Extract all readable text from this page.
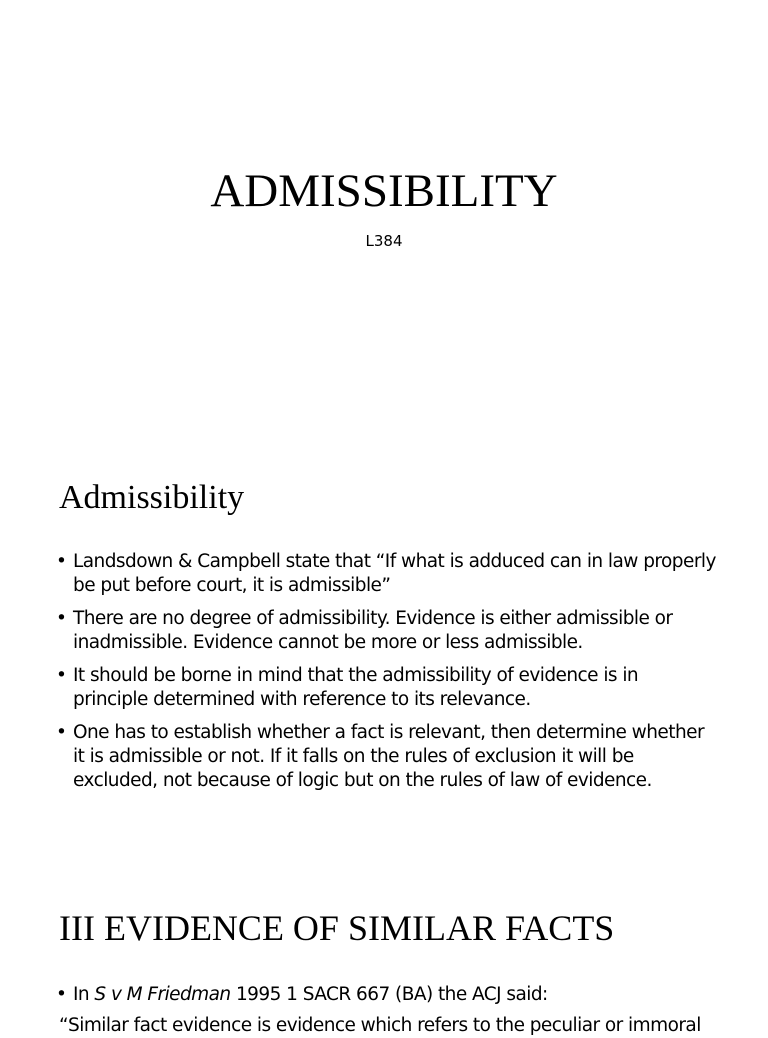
ADMISSIBILITY
L384
Admissibility
• Landsdown & Campbell state that “If what is adduced can in law properly be put before court, it is admissible”
• There are no degree of admissibility. Evidence is either admissible or inadmissible. Evidence cannot be more or less admissible.
• It should be borne in mind that the admissibility of evidence is in principle determined with reference to its relevance.
• One has to establish whether a fact is relevant, then determine whether it is admissible or not. If it falls on the rules of exclusion it will be excluded, not because of logic but on the rules of law of evidence.
III EVIDENCE OF SIMILAR FACTS
• In S v M Friedman 1995 1 SACR 667 (BA) the ACJ said:
“Similar fact evidence is evidence which refers to the peculiar or immoral
